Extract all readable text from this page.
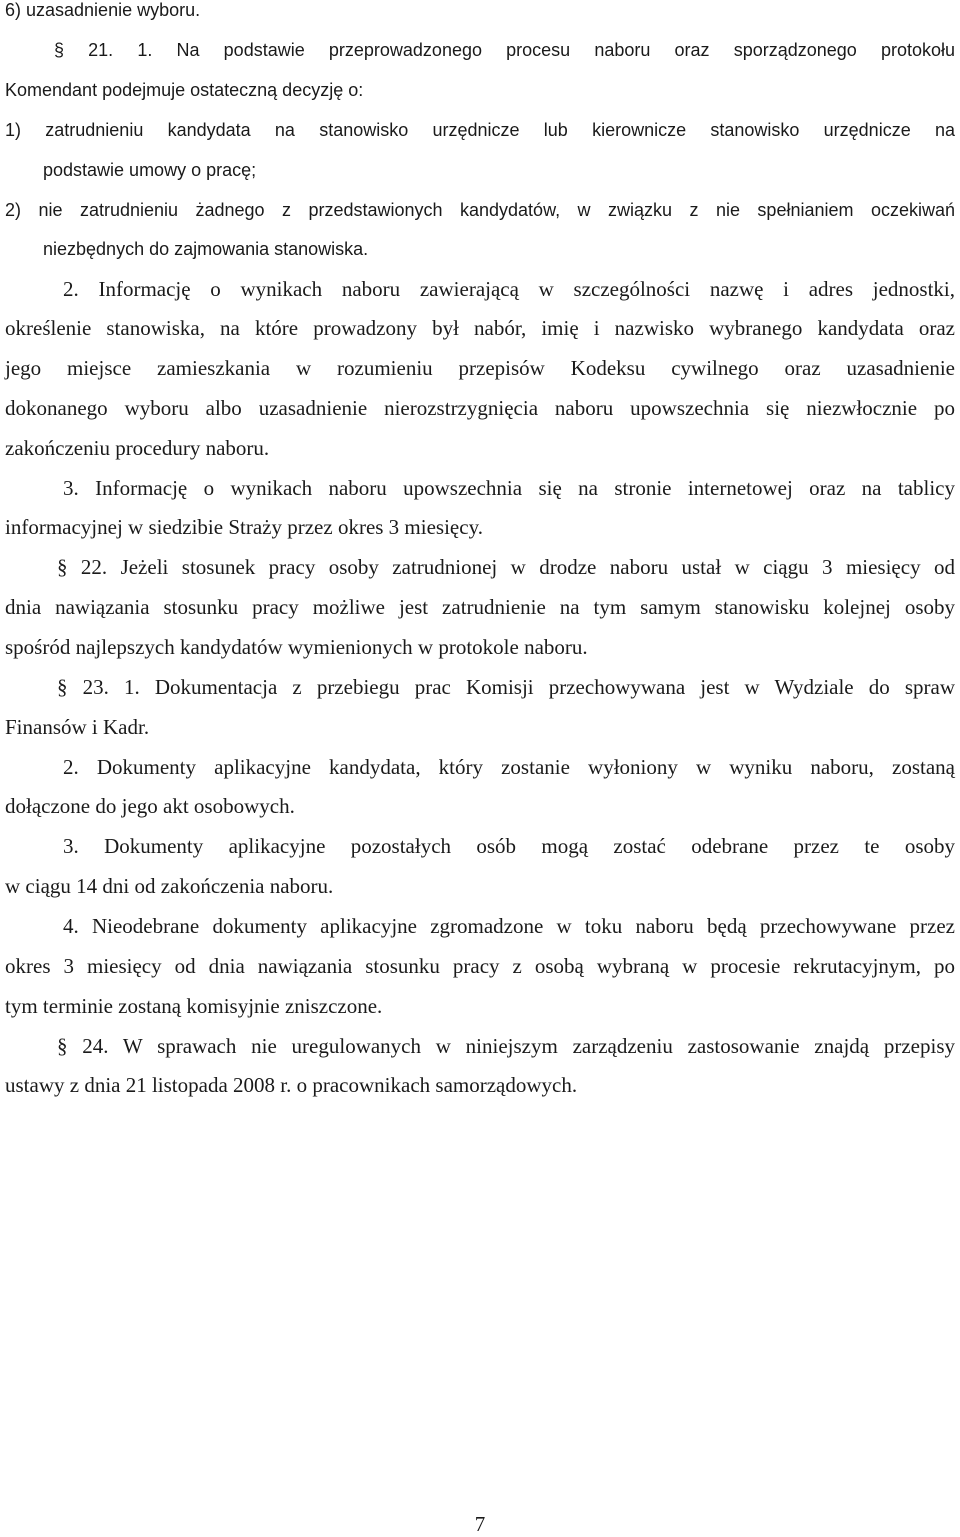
6) uzasadnienie wyboru.
§ 21. 1. Na podstawie przeprowadzonego procesu naboru oraz sporządzonego protokołu
Komendant podejmuje ostateczną decyzję o:
1) zatrudnieniu kandydata na stanowisko urzędnicze lub kierownicze stanowisko urzędnicze na
podstawie umowy o pracę;
2) nie zatrudnieniu żadnego z przedstawionych kandydatów, w związku z nie spełnianiem oczekiwań
niezbędnych do zajmowania stanowiska.
2. Informację o wynikach naboru zawierającą w szczególności nazwę i adres jednostki,
określenie stanowiska, na które prowadzony był nabór, imię i nazwisko wybranego kandydata oraz
jego miejsce zamieszkania w rozumieniu przepisów Kodeksu cywilnego oraz uzasadnienie
dokonanego wyboru albo uzasadnienie nierozstrzygnięcia naboru upowszechnia się niezwłocznie po
zakończeniu procedury naboru.
3. Informację o wynikach naboru upowszechnia się na stronie internetowej oraz na tablicy
informacyjnej w siedzibie Straży przez okres 3 miesięcy.
§ 22. Jeżeli stosunek pracy osoby zatrudnionej w drodze naboru ustał w ciągu 3 miesięcy od
dnia nawiązania stosunku pracy możliwe jest zatrudnienie na tym samym stanowisku kolejnej osoby
spośród najlepszych kandydatów wymienionych w protokole naboru.
§ 23. 1. Dokumentacja z przebiegu prac Komisji przechowywana jest w Wydziale do spraw
Finansów i Kadr.
2. Dokumenty aplikacyjne kandydata, który zostanie wyłoniony w wyniku naboru, zostaną
dołączone do jego akt osobowych.
3. Dokumenty aplikacyjne pozostałych osób mogą zostać odebrane przez te osoby
w ciągu 14 dni od zakończenia naboru.
4. Nieodebrane dokumenty aplikacyjne zgromadzone w toku naboru będą przechowywane przez
okres 3 miesięcy od dnia nawiązania stosunku pracy z osobą wybraną w procesie rekrutacyjnym, po
tym terminie zostaną komisyjnie zniszczone.
§ 24. W sprawach nie uregulowanych w niniejszym zarządzeniu zastosowanie znajdą przepisy
ustawy z dnia 21 listopada 2008 r. o pracownikach samorządowych.
7
